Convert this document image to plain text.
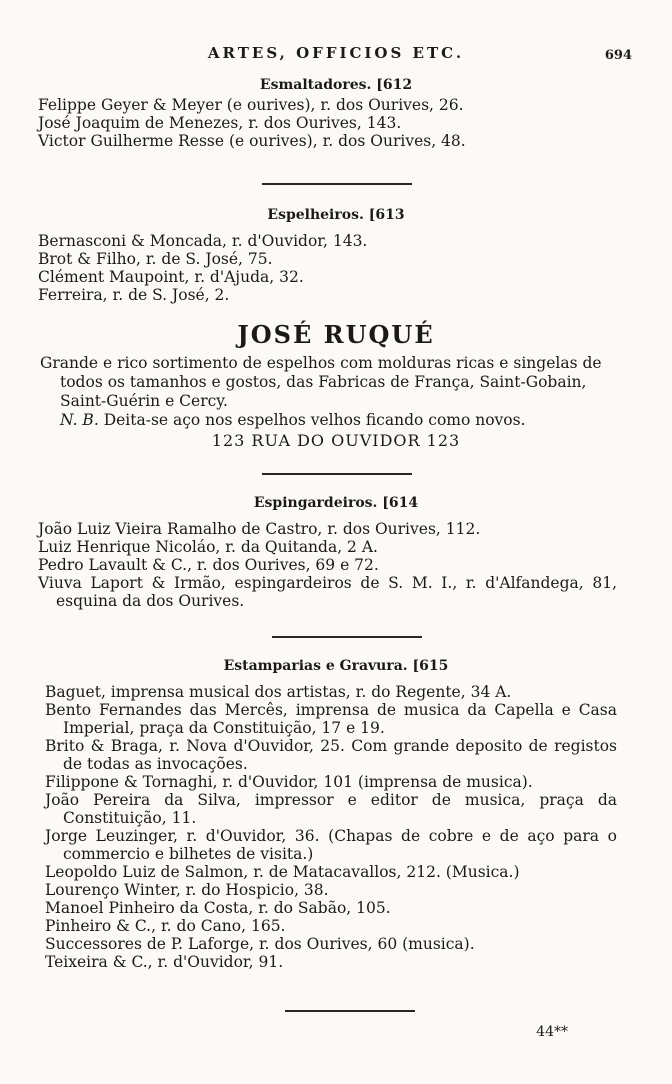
ARTES, OFFICIOS ETC.	694
Esmaltadores. [612
Felippe Geyer & Meyer (e ourives), r. dos Ourives, 26.
José Joaquim de Menezes, r. dos Ourives, 143.
Victor Guilherme Resse (e ourives), r. dos Ourives, 48.
Espelheiros. [613
Bernasconi & Moncada, r. d'Ouvidor, 143.
Brot & Filho, r. de S. José, 75.
Clément Maupoint, r. d'Ajuda, 32.
Ferreira, r. de S. José, 2.
JOSÉ RUQUÉ
Grande e rico sortimento de espelhos com molduras ricas e singelas de todos os tamanhos e gostos, das Fabricas de França, Saint-Gobain, Saint-Guérin e Cercy.
N. B. Deita-se aço nos espelhos velhos ficando como novos.
123 RUA DO OUVIDOR 123
Espingardeiros. [614
João Luiz Vieira Ramalho de Castro, r. dos Ourives, 112.
Luiz Henrique Nicoláo, r. da Quitanda, 2 A.
Pedro Lavault & C., r. dos Ourives, 69 e 72.
Viuva Laport & Irmão, espingardeiros de S. M. I., r. d'Alfandega, 81, esquina da dos Ourives.
Estamparias e Gravura. [615
Baguet, imprensa musical dos artistas, r. do Regente, 34 A.
Bento Fernandes das Mercês, imprensa de musica da Capella e Casa Imperial, praça da Constituição, 17 e 19.
Brito & Braga, r. Nova d'Ouvidor, 25. Com grande deposito de registos de todas as invocações.
Filippone & Tornaghi, r. d'Ouvidor, 101 (imprensa de musica).
João Pereira da Silva, impressor e editor de musica, praça da Constituição, 11.
Jorge Leuzinger, r. d'Ouvidor, 36. (Chapas de cobre e de aço para o commercio e bilhetes de visita.)
Leopoldo Luiz de Salmon, r. de Matacavallos, 212. (Musica.)
Lourenço Winter, r. do Hospicio, 38.
Manoel Pinheiro da Costa, r. do Sabão, 105.
Pinheiro & C., r. do Cano, 165.
Successores de P. Laforge, r. dos Ourives, 60 (musica).
Teixeira & C., r. d'Ouvidor, 91.
44**
